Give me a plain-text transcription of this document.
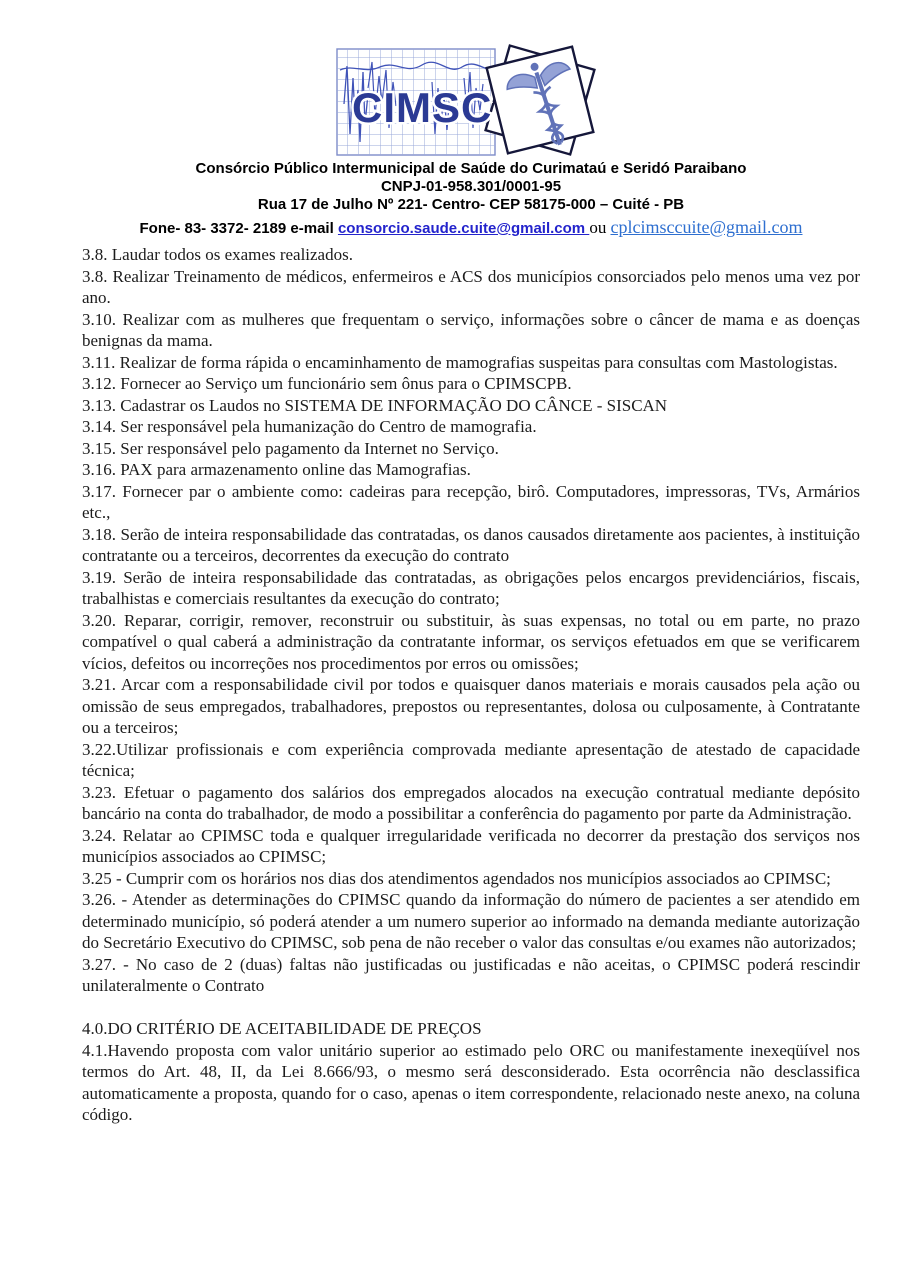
CIMSC
Consórcio Público Intermunicipal de Saúde do Curimataú e Seridó Paraibano
CNPJ-01-958.301/0001-95
Rua 17 de Julho Nº 221- Centro- CEP 58175-000 – Cuité - PB
Fone- 83- 3372- 2189 e-mail consorcio.saude.cuite@gmail.com ou cplcimsccuite@gmail.com

3.8. Laudar todos os exames realizados.

3.8. Realizar Treinamento de médicos, enfermeiros e ACS dos municípios consorciados pelo menos uma vez por ano.

3.10. Realizar com as mulheres que frequentam o serviço, informações sobre o câncer de mama e as doenças benignas da mama.

3.11. Realizar de forma rápida o encaminhamento de mamografias suspeitas para consultas com Mastologistas.

3.12. Fornecer ao Serviço um funcionário sem ônus para o CPIMSCPB.

3.13. Cadastrar os Laudos no SISTEMA DE INFORMAÇÃO DO CÂNCE - SISCAN

3.14. Ser responsável pela humanização do Centro de mamografia.

3.15. Ser responsável pelo pagamento da Internet no Serviço.

3.16. PAX para armazenamento online das Mamografias.

3.17. Fornecer par o ambiente como: cadeiras para recepção, birô. Computadores, impressoras, TVs, Armários etc.,

3.18. Serão de inteira responsabilidade das contratadas, os danos causados diretamente aos pacientes, à instituição contratante ou a terceiros, decorrentes da execução do contrato

3.19. Serão de inteira responsabilidade das contratadas, as obrigações pelos encargos previdenciários, fiscais, trabalhistas e comerciais resultantes da execução do contrato;

3.20. Reparar, corrigir, remover, reconstruir ou substituir, às suas expensas, no total ou em parte, no prazo compatível o qual caberá a administração da contratante informar, os serviços efetuados em que se verificarem vícios, defeitos ou incorreções nos procedimentos por erros ou omissões;

3.21. Arcar com a responsabilidade civil por todos e quaisquer danos materiais e morais causados pela ação ou omissão de seus empregados, trabalhadores, prepostos ou representantes, dolosa ou culposamente, à Contratante ou a terceiros;

3.22.Utilizar profissionais e com experiência comprovada mediante apresentação de atestado de capacidade técnica;

3.23. Efetuar o pagamento dos salários dos empregados alocados na execução contratual mediante depósito bancário na conta do trabalhador, de modo a possibilitar a conferência do pagamento por parte da Administração.

3.24. Relatar ao CPIMSC toda e qualquer irregularidade verificada no decorrer da prestação dos serviços nos municípios associados ao CPIMSC;

3.25 - Cumprir com os horários nos dias dos atendimentos agendados nos municípios associados ao CPIMSC;

3.26. - Atender as determinações do CPIMSC quando da informação do número de pacientes a ser atendido em determinado município, só poderá atender a um numero superior ao informado na demanda mediante autorização do Secretário Executivo do CPIMSC, sob pena de não receber o valor das consultas e/ou exames não autorizados;

3.27. - No caso de 2 (duas) faltas não justificadas ou justificadas e não aceitas, o CPIMSC poderá rescindir unilateralmente o Contrato

4.0.DO CRITÉRIO DE ACEITABILIDADE DE PREÇOS

4.1.Havendo proposta com valor unitário superior ao estimado pelo ORC ou manifestamente inexeqüível nos termos do Art. 48, II, da Lei 8.666/93, o mesmo será desconsiderado. Esta ocorrência não desclassifica automaticamente a proposta, quando for o caso, apenas o item correspondente, relacionado neste anexo, na coluna código.
